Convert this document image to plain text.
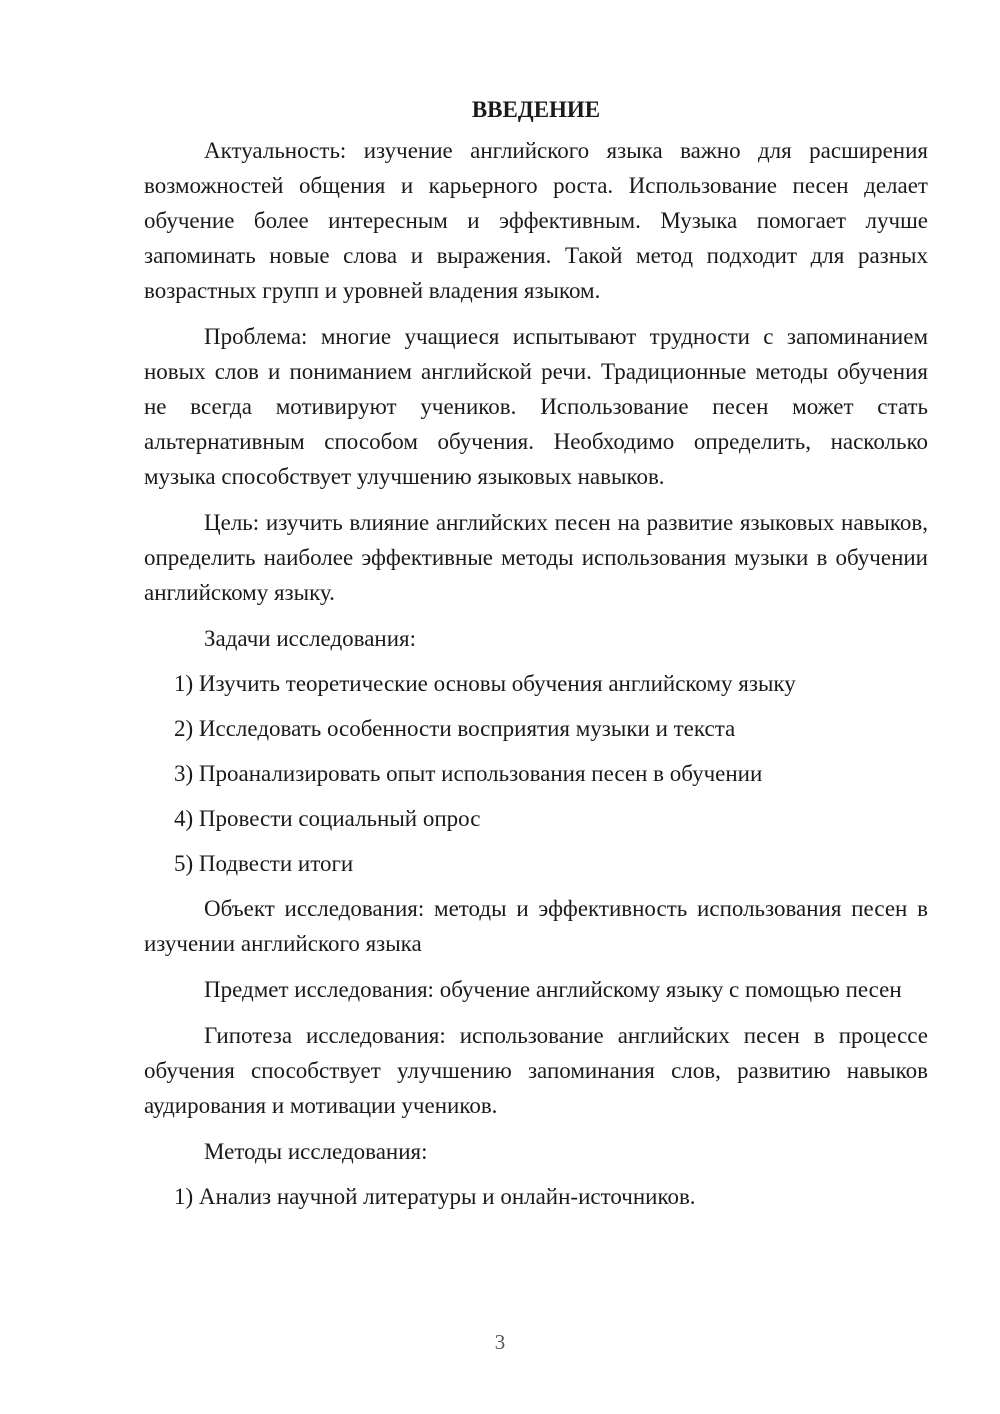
ВВЕДЕНИЕ

Актуальность: изучение английского языка важно для расширения возможностей общения и карьерного роста. Использование песен делает обучение более интересным и эффективным. Музыка помогает лучше запоминать новые слова и выражения. Такой метод подходит для разных возрастных групп и уровней владения языком.

Проблема: многие учащиеся испытывают трудности с запоминанием новых слов и пониманием английской речи. Традиционные методы обучения не всегда мотивируют учеников. Использование песен может стать альтернативным способом обучения. Необходимо определить, насколько музыка способствует улучшению языковых навыков.

Цель: изучить влияние английских песен на развитие языковых навыков, определить наиболее эффективные методы использования музыки в обучении английскому языку.

Задачи исследования:

1) Изучить теоретические основы обучения английскому языку
2) Исследовать особенности восприятия музыки и текста
3) Проанализировать опыт использования песен в обучении
4) Провести социальный опрос
5) Подвести итоги

Объект исследования: методы и эффективность использования песен в изучении английского языка

Предмет исследования: обучение английскому языку с помощью песен

Гипотеза исследования: использование английских песен в процессе обучения способствует улучшению запоминания слов, развитию навыков аудирования и мотивации учеников.

Методы исследования:

1) Анализ научной литературы и онлайн-источников.
3
